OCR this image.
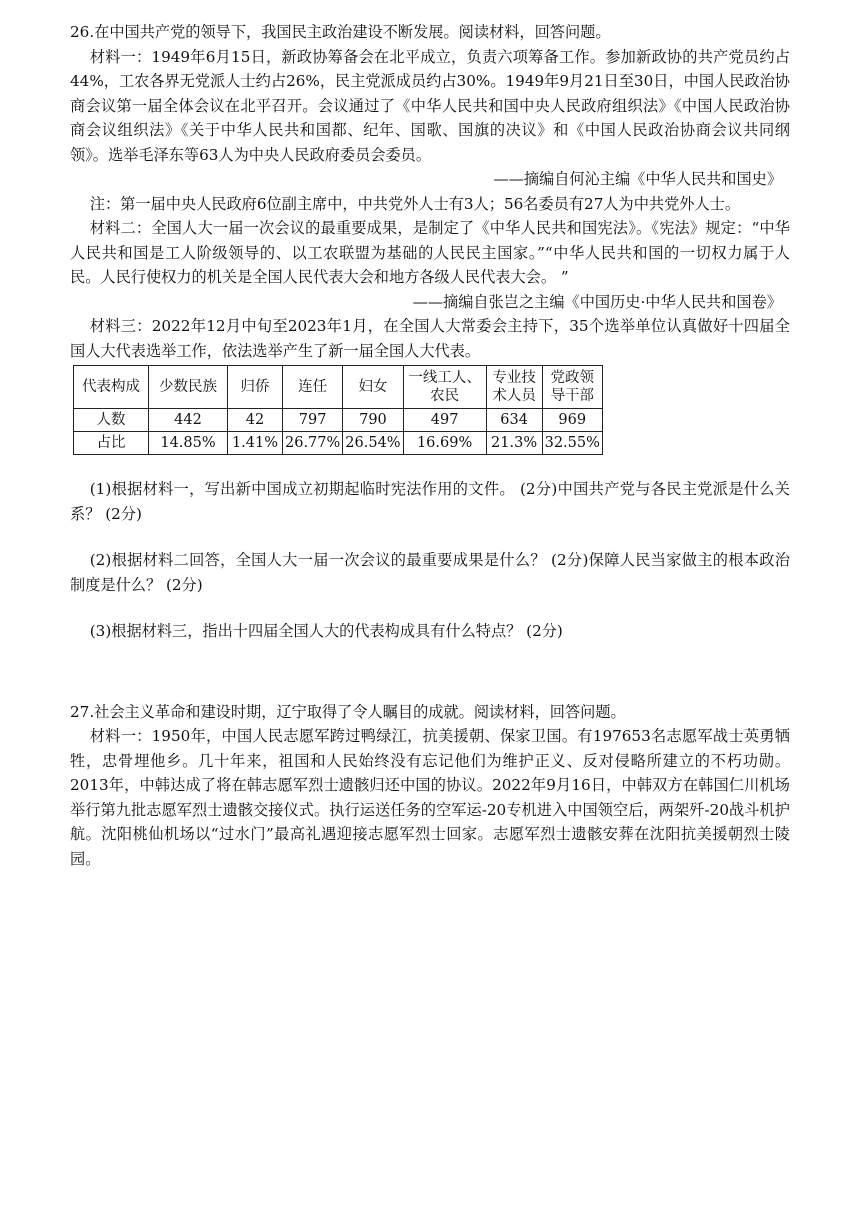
26.在中国共产党的领导下，我国民主政治建设不断发展。阅读材料，回答问题。

材料一：1949年6月15日，新政协筹备会在北平成立，负责六项筹备工作。参加新政协的共产党员约占44%，工农各界无党派人士约占26%，民主党派成员约占30%。1949年9月21日至30日，中国人民政治协商会议第一届全体会议在北平召开。会议通过了《中华人民共和国中央人民政府组织法》《中国人民政治协商会议组织法》《关于中华人民共和国都、纪年、国歌、国旗的决议》和《中国人民政治协商会议共同纲领》。选举毛泽东等63人为中央人民政府委员会委员。

——摘编自何沁主编《中华人民共和国史》

注：第一届中央人民政府6位副主席中，中共党外人士有3人；56名委员有27人为中共党外人士。

材料二：全国人大一届一次会议的最重要成果，是制定了《中华人民共和国宪法》。《宪法》规定：“中华人民共和国是工人阶级领导的、以工农联盟为基础的人民民主国家。”“中华人民共和国的一切权力属于人民。人民行使权力的机关是全国人民代表大会和地方各级人民代表大会。 ”

——摘编自张岂之主编《中国历史·中华人民共和国卷》

材料三：2022年12月中旬至2023年1月，在全国人大常委会主持下，35个选举单位认真做好十四届全国人大代表选举工作，依法选举产生了新一届全国人大代表。

代表构成	少数民族	归侨	连任	妇女	一线工人、农民	专业技术人员	党政领导干部
人数	442	42	797	790	497	634	969
占比	14.85%	1.41%	26.77%	26.54%	16.69%	21.3%	32.55%

(1)根据材料一，写出新中国成立初期起临时宪法作用的文件。 (2分)中国共产党与各民主党派是什么关系？ (2分)

(2)根据材料二回答，全国人大一届一次会议的最重要成果是什么？ (2分)保障人民当家做主的根本政治制度是什么？ (2分)

(3)根据材料三，指出十四届全国人大的代表构成具有什么特点？ (2分)

27.社会主义革命和建设时期，辽宁取得了令人瞩目的成就。阅读材料，回答问题。

材料一：1950年，中国人民志愿军跨过鸭绿江，抗美援朝、保家卫国。有197653名志愿军战士英勇牺牲，忠骨埋他乡。几十年来，祖国和人民始终没有忘记他们为维护正义、反对侵略所建立的不朽功勋。2013年，中韩达成了将在韩志愿军烈士遗骸归还中国的协议。2022年9月16日，中韩双方在韩国仁川机场举行第九批志愿军烈士遗骸交接仪式。执行运送任务的空军运-20专机进入中国领空后，两架歼-20战斗机护航。沈阳桃仙机场以“过水门”最高礼遇迎接志愿军烈士回家。志愿军烈士遗骸安葬在沈阳抗美援朝烈士陵园。
